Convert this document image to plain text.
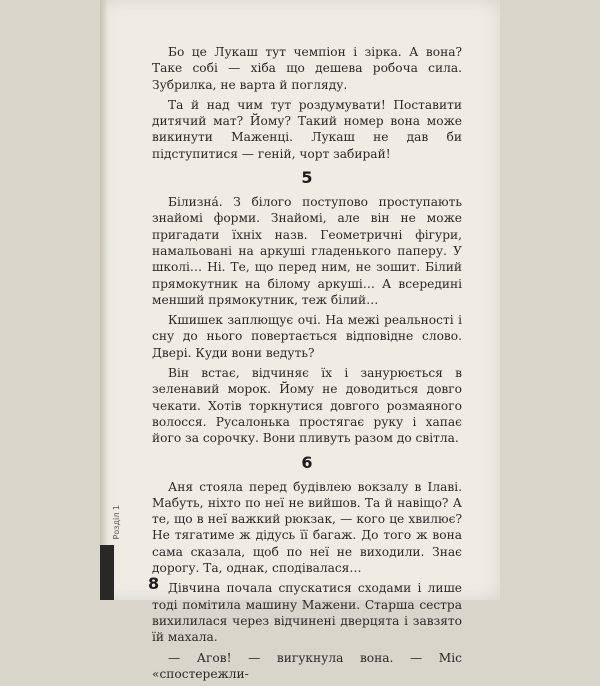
Розділ 1

Бо це Лукаш тут чемпіон і зірка. А вона? Таке собі — хіба що дешева робоча сила. Зубрилка, не варта й погляду.

Та й над чим тут роздумувати! Поставити дитячий мат? Йому? Такий номер вона може викинути Маженці. Лукаш не дав би підступитися — геній, чорт забирай!

5

Білизна́. З білого поступово проступають знайомі форми. Знайомі, але він не може пригадати їхніх назв. Геометричні фігури, намальовані на аркуші гладенького паперу. У школі… Ні. Те, що перед ним, не зошит. Білий прямокутник на білому аркуші… А всередині менший прямокутник, теж білий…

Кшишек заплющує очі. На межі реальності і сну до нього повертається відповідне слово. Двері. Куди вони ведуть?

Він встає, відчиняє їх і занурюється в зеленавий морок. Йому не доводиться довго чекати. Хотів торкнутися довгого розмаяного волосся. Русалонька простягає руку і хапає його за сорочку. Вони пливуть разом до світла.

6

Аня стояла перед будівлею вокзалу в Ілаві. Мабуть, ніхто по неї не вийшов. Та й навіщо? А те, що в неї важкий рюкзак, — кого це хвилює? Не тягатиме ж дідусь її багаж. До того ж вона сама сказала, щоб по неї не виходили. Знає дорогу. Та, однак, сподівалася…

Дівчина почала спускатися сходами і лише тоді помітила машину Мажени. Старша сестра вихилилася через відчинені дверцята і завзято їй махала.

— Агов! — вигукнула вона. — Міс «спостережли-

8
